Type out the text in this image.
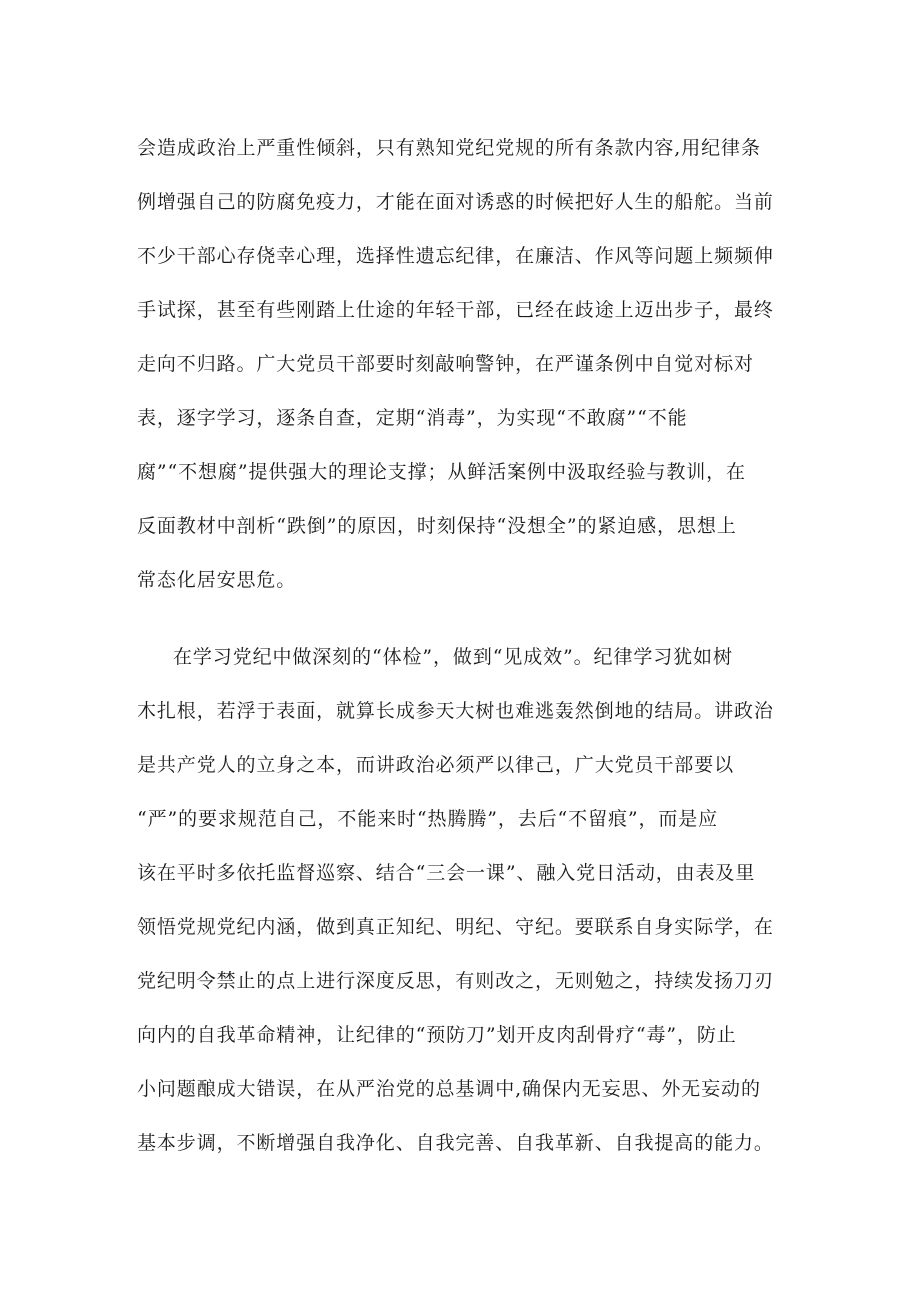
会造成政治上严重性倾斜，只有熟知党纪党规的所有条款内容,用纪律条
例增强自己的防腐免疫力，才能在面对诱惑的时候把好人生的船舵。当前
不少干部心存侥幸心理，选择性遗忘纪律，在廉洁、作风等问题上频频伸
手试探，甚至有些刚踏上仕途的年轻干部，已经在歧途上迈出步子，最终
走向不归路。广大党员干部要时刻敲响警钟，在严谨条例中自觉对标对
表，逐字学习，逐条自查，定期“消毒”，为实现“不敢腐”“不能
腐”“不想腐”提供强大的理论支撑；从鲜活案例中汲取经验与教训，在
反面教材中剖析“跌倒”的原因，时刻保持“没想全”的紧迫感，思想上
常态化居安思危。
在学习党纪中做深刻的“体检”，做到“见成效”。纪律学习犹如树
木扎根，若浮于表面，就算长成参天大树也难逃轰然倒地的结局。讲政治
是共产党人的立身之本，而讲政治必须严以律己，广大党员干部要以
“严”的要求规范自己，不能来时“热腾腾”，去后“不留痕”，而是应
该在平时多依托监督巡察、结合“三会一课”、融入党日活动，由表及里
领悟党规党纪内涵，做到真正知纪、明纪、守纪。要联系自身实际学，在
党纪明令禁止的点上进行深度反思，有则改之，无则勉之，持续发扬刀刃
向内的自我革命精神，让纪律的“预防刀”划开皮肉刮骨疗“毒”，防止
小问题酿成大错误，在从严治党的总基调中,确保内无妄思、外无妄动的
基本步调，不断增强自我净化、自我完善、自我革新、自我提高的能力。
